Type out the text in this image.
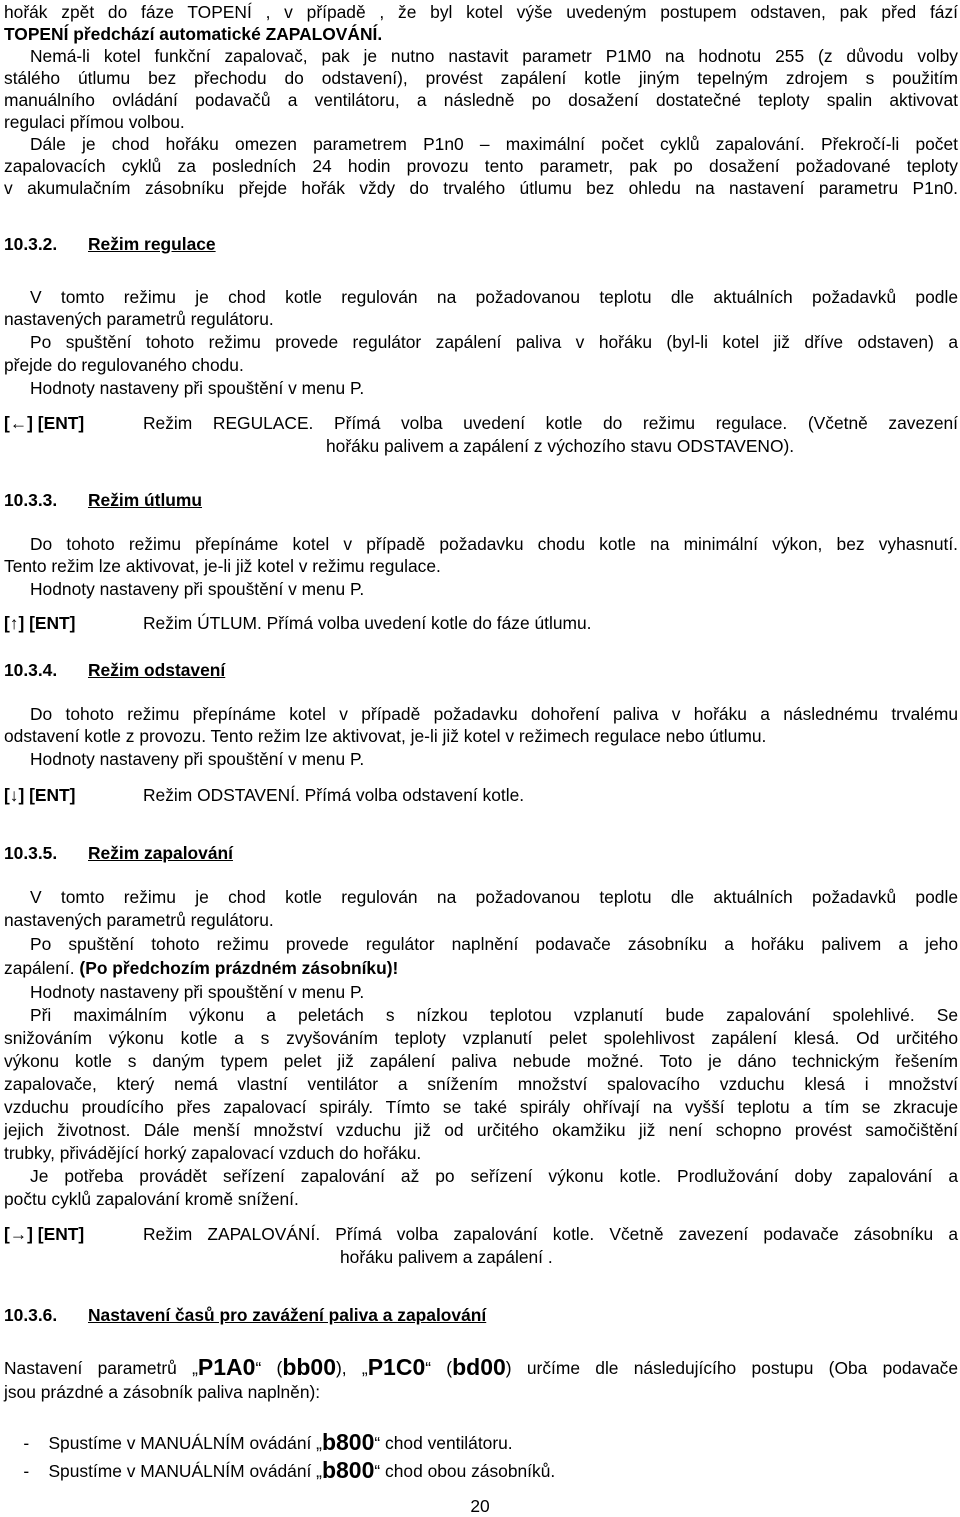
hořák zpět do fáze TOPENÍ , v případě , že byl kotel výše uvedeným postupem odstaven, pak před fází
TOPENÍ předchází automatické ZAPALOVÁNÍ.
Nemá-li kotel funkční zapalovač, pak je nutno nastavit parametr P1M0 na hodnotu 255 (z důvodu volby
stálého útlumu bez přechodu do odstavení), provést zapálení kotle jiným tepelným zdrojem s použitím
manuálního ovládání podavačů a ventilátoru, a následně po dosažení dostatečné teploty spalin aktivovat
regulaci přímou volbou.
Dále je chod hořáku omezen parametrem P1n0 – maximální počet cyklů zapalování. Překročí-li počet
zapalovacích cyklů za posledních 24 hodin provozu tento parametr, pak po dosažení požadované teploty
v akumulačním zásobníku přejde hořák vždy do trvalého útlumu bez ohledu na nastavení parametru P1n0.
10.3.2. Režim regulace
V tomto režimu je chod kotle regulován na požadovanou teplotu dle aktuálních požadavků podle
nastavených parametrů regulátoru.
Po spuštění tohoto režimu provede regulátor zapálení paliva v hořáku (byl-li kotel již dříve odstaven) a
přejde do regulovaného chodu.
Hodnoty nastaveny při spouštění v menu P.
[←] [ENT]	Režim REGULACE. Přímá volba uvedení kotle do režimu regulace. (Včetně zavezení
hořáku palivem a zapálení z výchozího stavu ODSTAVENO).
10.3.3. Režim útlumu
Do tohoto režimu přepínáme kotel v případě požadavku chodu kotle na minimální výkon, bez vyhasnutí.
Tento režim lze aktivovat, je-li již kotel v režimu regulace.
Hodnoty nastaveny při spouštění v menu P.
[↑] [ENT]	Režim ÚTLUM. Přímá volba uvedení kotle do fáze útlumu.
10.3.4. Režim odstavení
Do tohoto režimu přepínáme kotel v případě požadavku dohoření paliva v hořáku a následnému trvalému
odstavení kotle z provozu. Tento režim lze aktivovat, je-li již kotel v režimech regulace nebo útlumu.
Hodnoty nastaveny při spouštění v menu P.
[↓] [ENT]	Režim ODSTAVENÍ. Přímá volba odstavení kotle.
10.3.5. Režim zapalování
V tomto režimu je chod kotle regulován na požadovanou teplotu dle aktuálních požadavků podle
nastavených parametrů regulátoru.
Po spuštění tohoto režimu provede regulátor naplnění podavače zásobníku a hořáku palivem a jeho
zapálení. (Po předchozím prázdném zásobníku)!
Hodnoty nastaveny při spouštění v menu P.
Při maximálním výkonu a peletách s nízkou teplotou vzplanutí bude zapalování spolehlivé. Se
snižováním výkonu kotle a s zvyšováním teploty vzplanutí pelet spolehlivost zapálení klesá. Od určitého
výkonu kotle s daným typem pelet již zapálení paliva nebude možné. Toto je dáno technickým řešením
zapalovače, který nemá vlastní ventilátor a snížením množství spalovacího vzduchu klesá i množství
vzduchu proudícího přes zapalovací spirály. Tímto se také spirály ohřívají na vyšší teplotu a tím se zkracuje
jejich životnost. Dále menší množství vzduchu již od určitého okamžiku již není schopno provést samočištění
trubky, přivádějící horký zapalovací vzduch do hořáku.
Je potřeba provádět seřízení zapalování až po seřízení výkonu kotle. Prodlužování doby zapalování a
počtu cyklů zapalování kromě snížení.
[→] [ENT]	Režim ZAPALOVÁNÍ. Přímá volba zapalování kotle. Včetně zavezení podavače zásobníku a
hořáku palivem a zapálení .
10.3.6. Nastavení časů pro zavážení paliva a zapalování
Nastavení parametrů „P1A0“ (bb00), „P1C0“ (bd00) určíme dle následujícího postupu (Oba podavače
jsou prázdné a zásobník paliva naplněn):

-    Spustíme v MANUÁLNÍM ovádání „b800“ chod ventilátoru.

-    Spustíme v MANUÁLNÍM ovádání „b800“ chod obou zásobníků.

20
